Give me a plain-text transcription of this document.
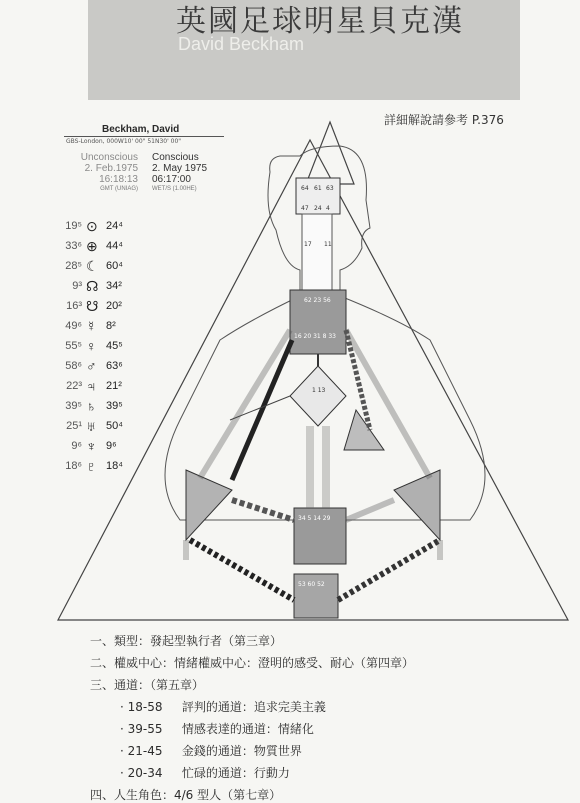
英國足球明星貝克漢
David Beckham
詳細解說請參考 P.376
64 61 63
47 24 4
17 11
62 23 56
16 20 31 8 33
1 13
34 5 14 29
53 60 52
Beckham, David
GBS-London, 000W10' 00" 51N30' 00"
Unconscious
2. Feb.1975
16:18:13
GMT (UNIAG)
Conscious
2. May 1975
06:17:00
WET/S (1.00HE)
19⁵ ⊙ 24⁴
33⁶ ⊕ 44⁴
28⁵ ☾ 60⁴
9³ ☊ 34²
16³ ☋ 20²
49⁶ ☿ 8²
55⁵ ♀ 45⁵
58⁶ ♂ 63⁶
22³ ♃ 21²
39⁵ ♄ 39⁵
25¹ ♅ 50⁴
9⁶ ♆ 9⁶
18⁶ ♇ 18⁴
一、類型：發起型執行者（第三章）
二、權威中心：情緒權威中心：澄明的感受、耐心（第四章）
三、通道：（第五章）
· 18-58 評判的通道：追求完美主義
· 39-55 情感表達的通道：情緒化
· 21-45 金錢的通道：物質世界
· 20-34 忙碌的通道：行動力
四、人生角色：4/6 型人（第七章）
